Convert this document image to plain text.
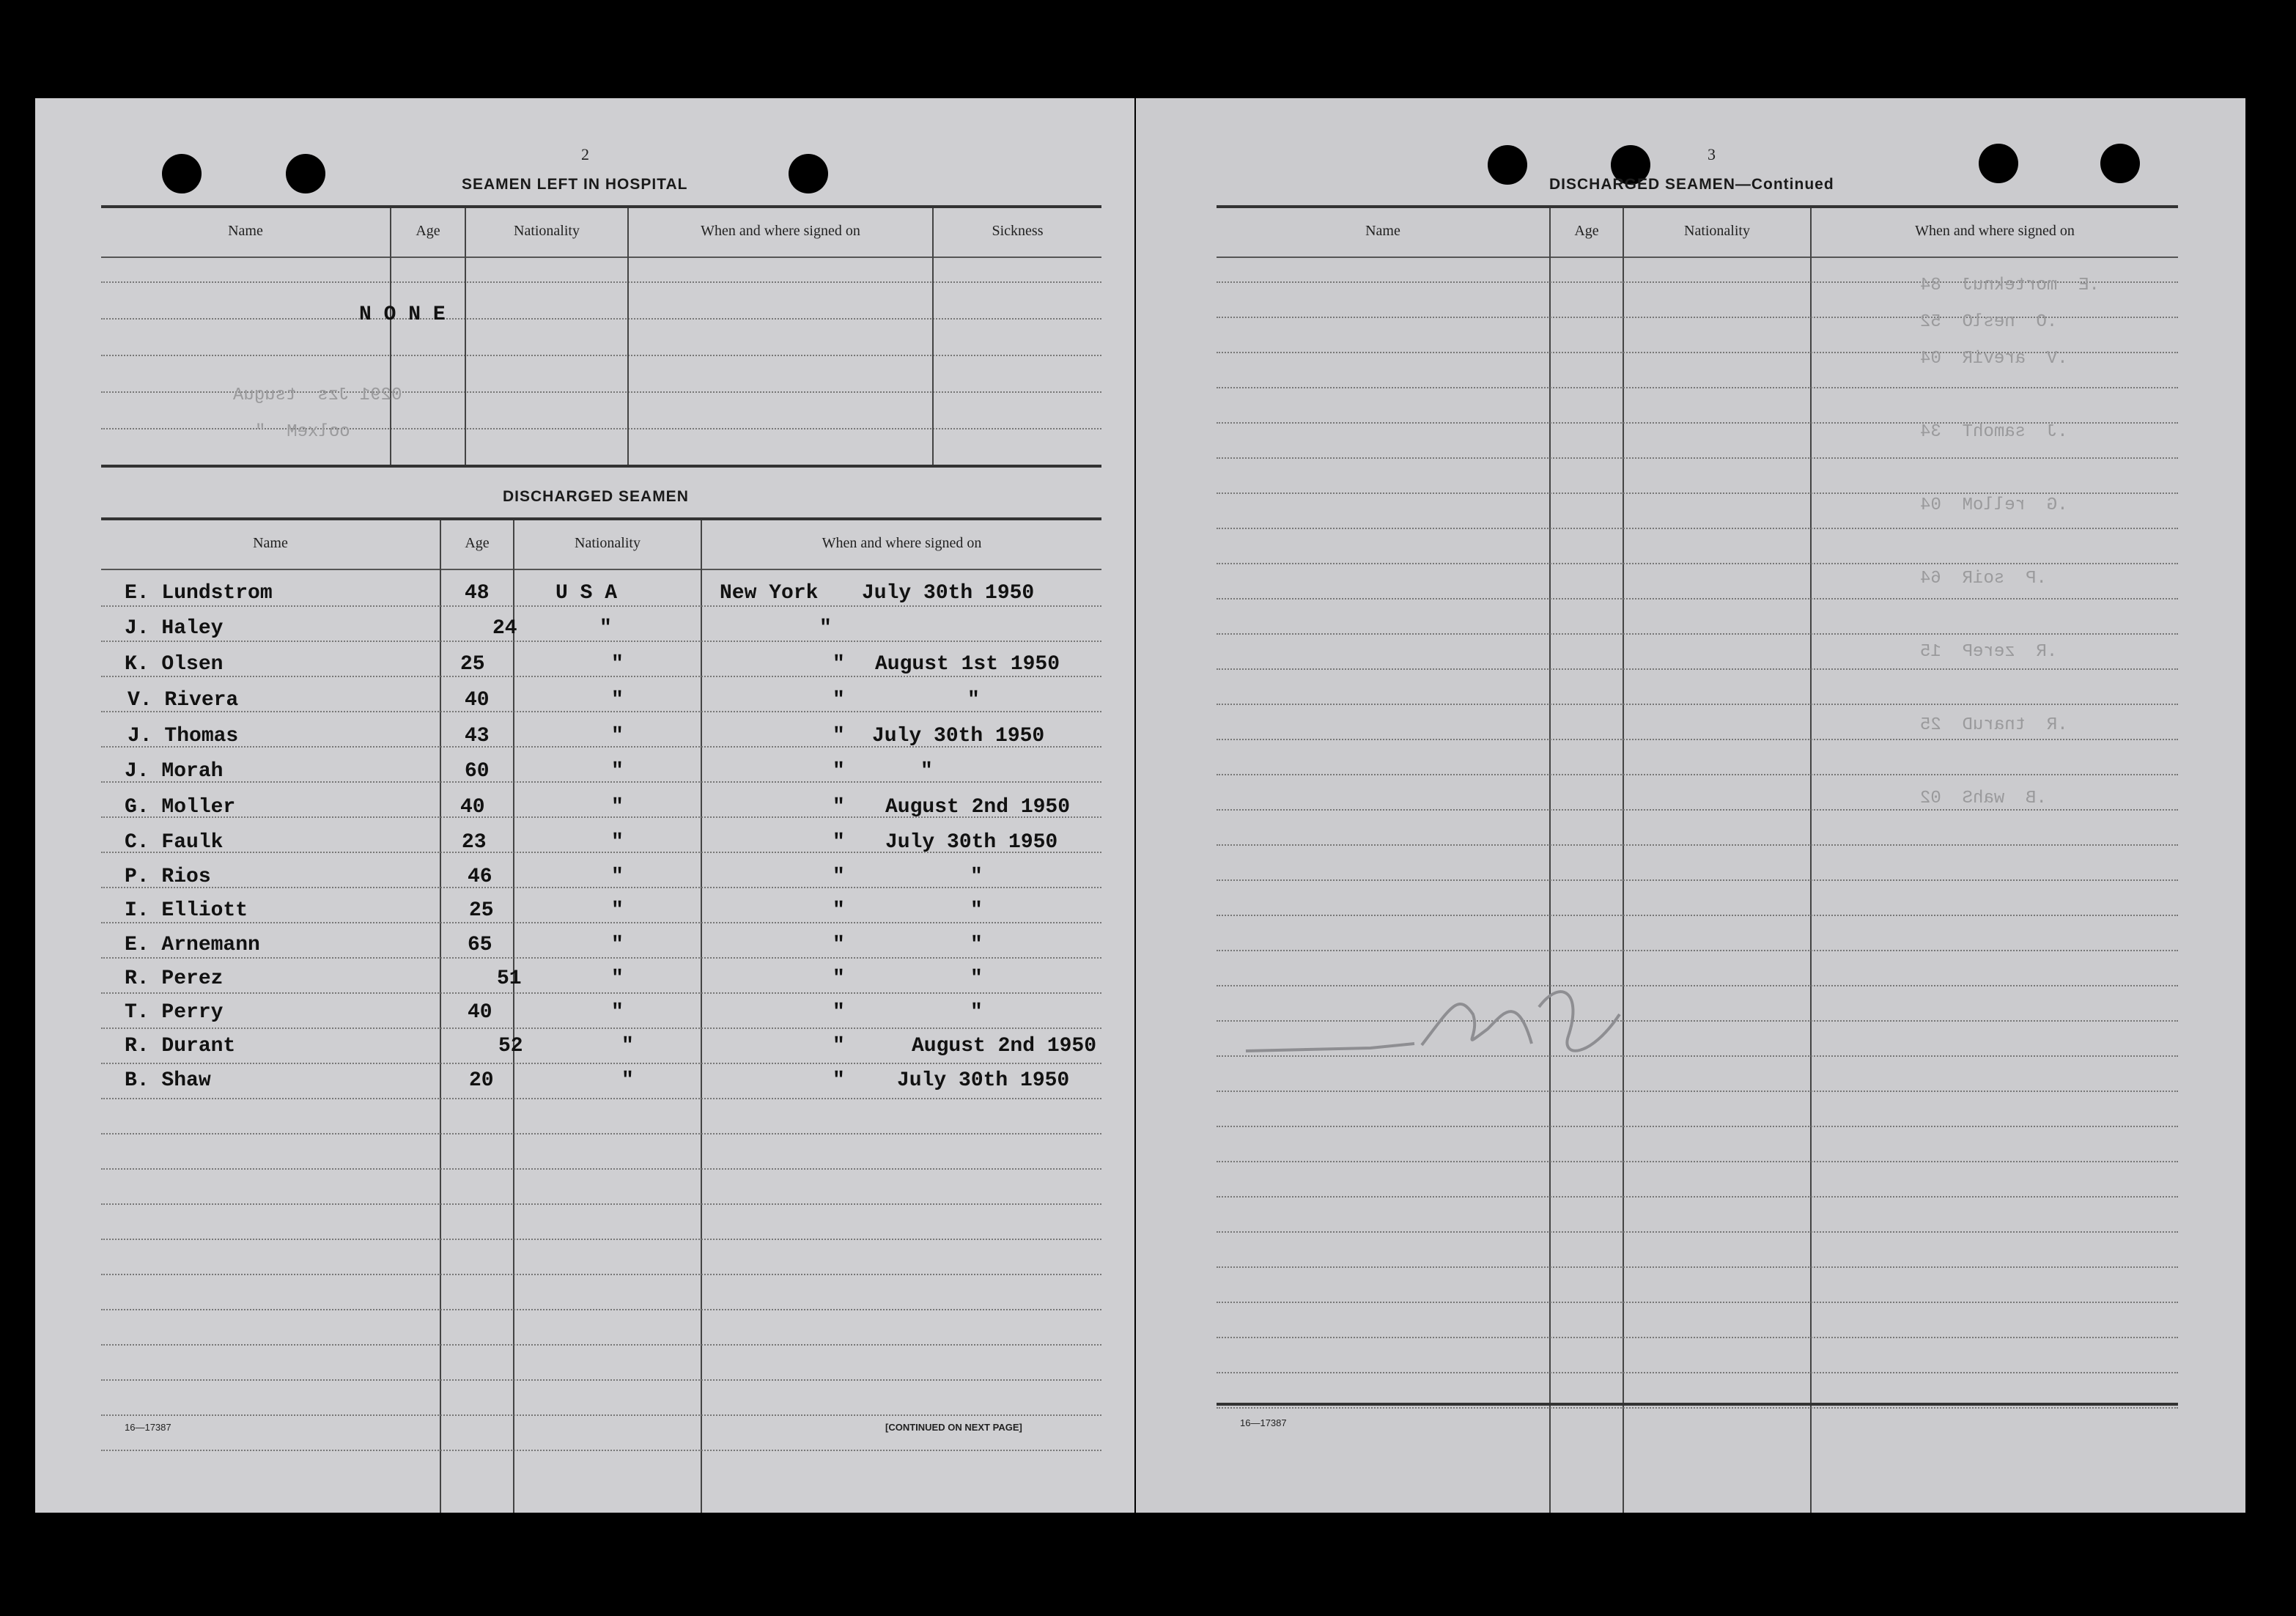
2
SEAMEN LEFT IN HOSPITAL
Name	Age	Nationality	When and where signed on	Sickness
N O N E
0291 Jzs  tsuguA
oolxeM  "
DISCHARGED SEAMEN
Name	Age	Nationality	When and where signed on
E. Lundstrom	48	U S A	New York July 30th 1950
J. Haley	24	"	"
K. Olsen	25	"	" August 1st 1950
V. Rivera	40	"	"	"
J. Thomas	43	"	" July 30th 1950
J. Morah	60	"	"	"
G. Moller	40	"	" August 2nd 1950
C. Faulk	23	"	" July 30th 1950
P. Rios	46	"	"	"
I. Elliott	25	"	"	"
E. Arnemann	65	"	"	"
R. Perez	51	"	"	"
T. Perry	40	"	"	"
R. Durant	52	"	"	August 2nd 1950
B. Shaw	20	"	"	July 30th 1950
16—17387	[CONTINUED ON NEXT PAGE]
3
DISCHARGED SEAMEN—Continued
Name	Age	Nationality	When and where signed on
.E  morteknuJ  84
.O  neslO  52
.V  areviR  04
.J  samohT  34
.G  relloM  04
.P  soiR  64
.R  zereP  15
.R  tnaruD  25
.B  wahS  02
16—17387
